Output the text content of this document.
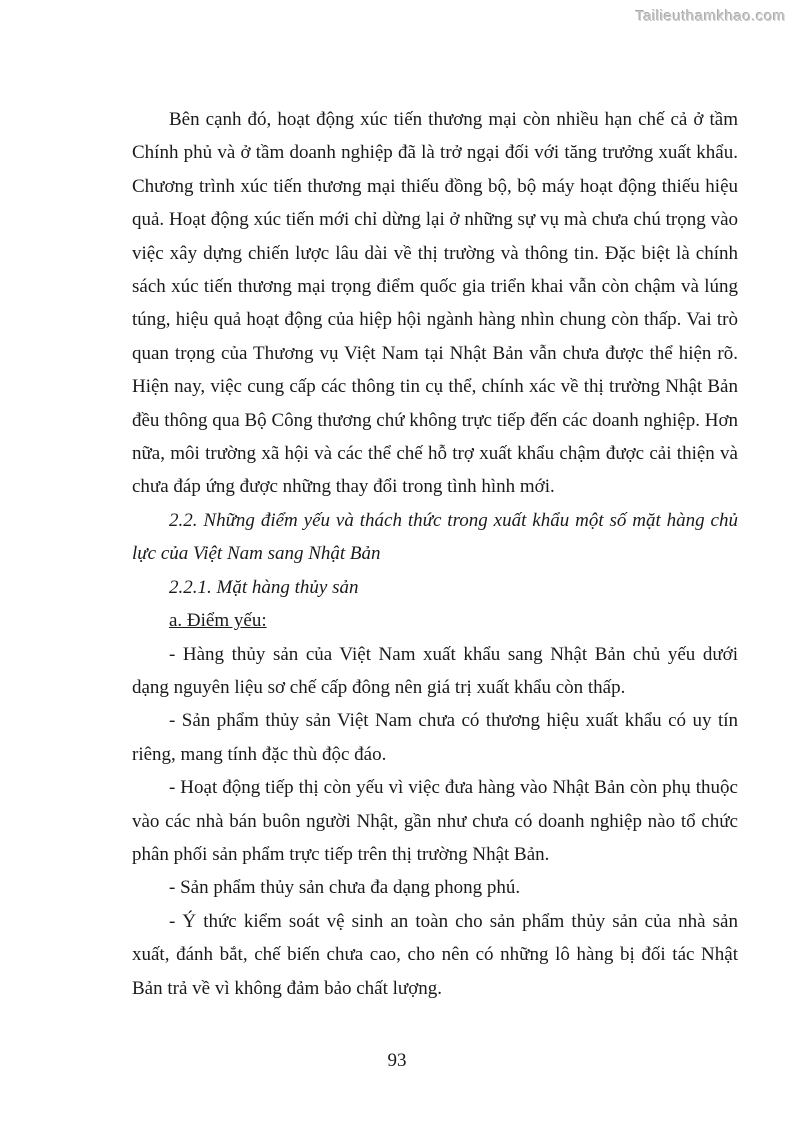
Tailieuthamkhao.com

Bên cạnh đó, hoạt động xúc tiến thương mại còn nhiều hạn chế cả ở tầm Chính phủ và ở tầm doanh nghiệp đã là trở ngại đối với tăng trưởng xuất khẩu. Chương trình xúc tiến thương mại thiếu đồng bộ, bộ máy hoạt động thiếu hiệu quả. Hoạt động xúc tiến mới chỉ dừng lại ở những sự vụ mà chưa chú trọng vào việc xây dựng chiến lược lâu dài về thị trường và thông tin. Đặc biệt là chính sách xúc tiến thương mại trọng điểm quốc gia triển khai vẫn còn chậm và lúng túng, hiệu quả hoạt động của hiệp hội ngành hàng nhìn chung còn thấp. Vai trò quan trọng của Thương vụ Việt Nam tại Nhật Bản vẫn chưa được thể hiện rõ. Hiện nay, việc cung cấp các thông tin cụ thể, chính xác về thị trường Nhật Bản đều thông qua Bộ Công thương chứ không trực tiếp đến các doanh nghiệp. Hơn nữa, môi trường xã hội và các thể chế hỗ trợ xuất khẩu chậm được cải thiện và chưa đáp ứng được những thay đổi trong tình hình mới.

2.2. Những điểm yếu và thách thức trong xuất khẩu một số mặt hàng chủ lực của Việt Nam sang Nhật Bản
2.2.1. Mặt hàng thủy sản

a. Điểm yếu:

- Hàng thủy sản của Việt Nam xuất khẩu sang Nhật Bản chủ yếu dưới dạng nguyên liệu sơ chế cấp đông nên giá trị xuất khẩu còn thấp.

- Sản phẩm thủy sản Việt Nam chưa có thương hiệu xuất khẩu có uy tín riêng, mang tính đặc thù độc đáo.

- Hoạt động tiếp thị còn yếu vì việc đưa hàng vào Nhật Bản còn phụ thuộc vào các nhà bán buôn người Nhật, gần như chưa có doanh nghiệp nào tổ chức phân phối sản phẩm trực tiếp trên thị trường Nhật Bản.

- Sản phẩm thủy sản chưa đa dạng phong phú.

- Ý thức kiểm soát vệ sinh an toàn cho sản phẩm thủy sản của nhà sản xuất, đánh bắt, chế biến chưa cao, cho nên có những lô hàng bị đối tác Nhật Bản trả về vì không đảm bảo chất lượng.

93
